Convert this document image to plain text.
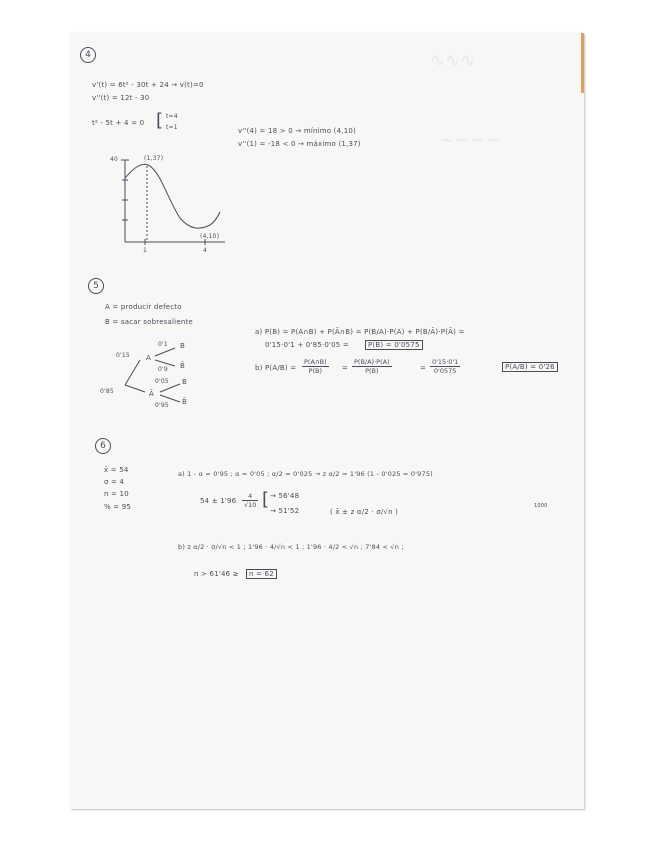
∿∿∿
~~~~
4
v'(t) = 6t² - 30t + 24 → v(t)=0
v''(t) = 12t - 30
t² - 5t + 4 = 0 [ t=4
t=1	v''(4) = 18 > 0 → mínimo (4,10)
v''(1) = -18 < 0 → máximo (1,37)
40	(1,37)
(4,10)
1	4
5
A = producir defecto
B = sacar sobresaliente
0'15
0'85
A
Ā
0'1
0'9
0'05
0'95
B
B̄
B
B̄
a) P(B) = P(A∩B) + P(Ā∩B) = P(B/A)·P(A) + P(B/Ā)·P(Ā) =
0'15·0'1 + 0'85·0'05 =	P(B) = 0'0575
b) $P(A/B) = \frac{P(A\cap B)}{P(B)} = \frac{P(B/A)\cdot P(A)}{P(B)}$	= $\frac{0'15\cdot 0'1}{0'0575}$	P(A/B) = 0'26
6
x̄ = 54
σ = 4
n = 10
% = 95
a) 1 - α = 0'95 ; α = 0'05 ; α/2 = 0'025 → z α/2 = 1'96 (1 - 0'025 = 0'975)
1000
$54 \pm 1'96 \frac{4}{√10}$ [ → 56'48
→ 51'52	( x̄ ± z α/2 · σ/√n )
b) z α/2 · σ/√n < 1 ; 1'96 · 4/√n < 1 ; 1'96 · 4/2 < √n ; 7'84 < √n ;
n > 61'46 ≥	n = 62
